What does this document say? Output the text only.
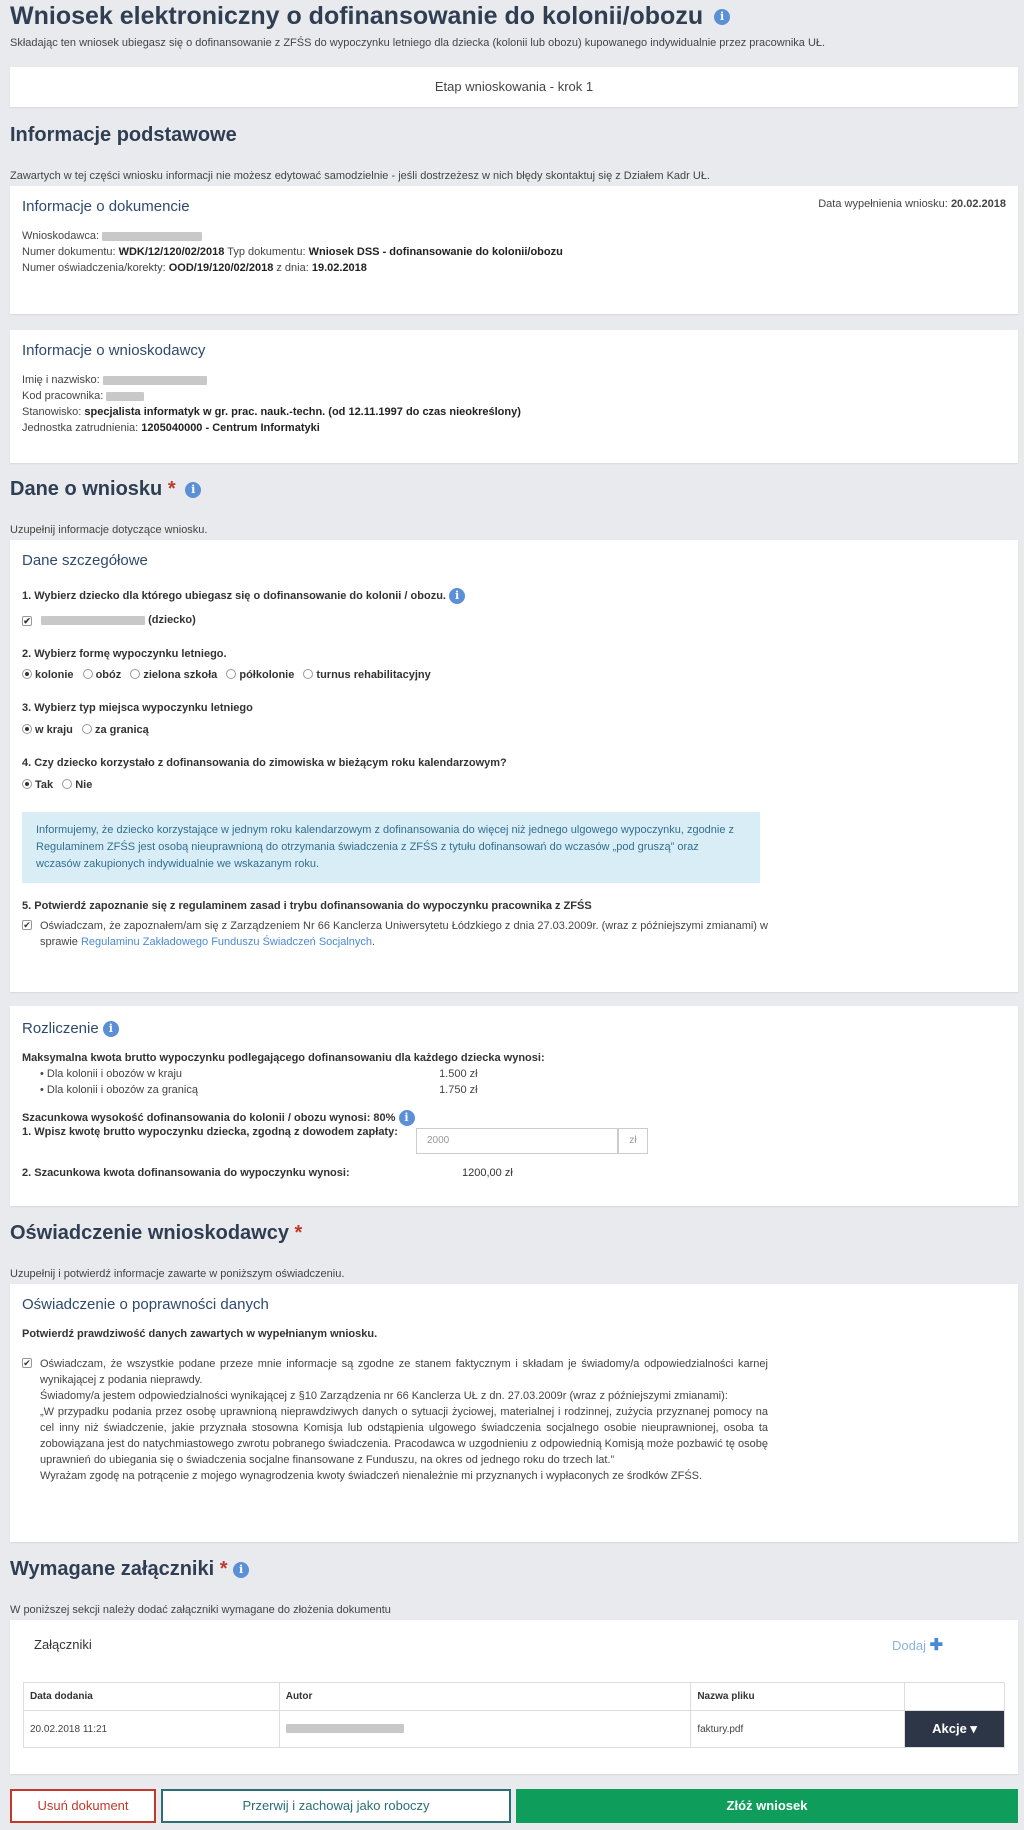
Wniosek elektroniczny o dofinansowanie do kolonii/obozu i
Składając ten wniosek ubiegasz się o dofinansowanie z ZFŚS do wypoczynku letniego dla dziecka (kolonii lub obozu) kupowanego indywidualnie przez pracownika UŁ.
Etap wnioskowania - krok 1
Informacje podstawowe
Zawartych w tej części wniosku informacji nie możesz edytować samodzielnie - jeśli dostrzeżesz w nich błędy skontaktuj się z Działem Kadr UŁ.
Informacje o dokumencie	Data wypełnienia wniosku: 20.02.2018
Wnioskodawca:
Numer dokumentu: WDK/12/120/02/2018 Typ dokumentu: Wniosek DSS - dofinansowanie do kolonii/obozu
Numer oświadczenia/korekty: OOD/19/120/02/2018 z dnia: 19.02.2018
Informacje o wnioskodawcy
Imię i nazwisko:
Kod pracownika:
Stanowisko: specjalista informatyk w gr. prac. nauk.-techn. (od 12.11.1997 do czas nieokreślony)
Jednostka zatrudnienia: 1205040000 - Centrum Informatyki
Dane o wniosku * i
Uzupełnij informacje dotyczące wniosku.
Dane szczegółowe
1. Wybierz dziecko dla którego ubiegasz się o dofinansowanie do kolonii / obozu. i
✔	(dziecko)
2. Wybierz formę wypoczynku letniego.
kolonie obóz zielona szkoła półkolonie turnus rehabilitacyjny
3. Wybierz typ miejsca wypoczynku letniego
w kraju za granicą
4. Czy dziecko korzystało z dofinansowania do zimowiska w bieżącym roku kalendarzowym?
Tak Nie
Informujemy, że dziecko korzystające w jednym roku kalendarzowym z dofinansowania do więcej niż jednego ulgowego wypoczynku, zgodnie z Regulaminem ZFŚS jest osobą nieuprawnioną do otrzymania świadczenia z ZFŚS z tytułu dofinansowań do wczasów „pod gruszą” oraz wczasów zakupionych indywidualnie we wskazanym roku.
5. Potwierdź zapoznanie się z regulaminem zasad i trybu dofinansowania do wypoczynku pracownika z ZFŚS
✔ Oświadczam, że zapoznałem/am się z Zarządzeniem Nr 66 Kanclerza Uniwersytetu Łódzkiego z dnia 27.03.2009r. (wraz z późniejszymi zmianami) w sprawie Regulaminu Zakładowego Funduszu Świadczeń Socjalnych.
Rozliczenie i
Maksymalna kwota brutto wypoczynku podlegającego dofinansowaniu dla każdego dziecka wynosi:
• Dla kolonii i obozów w kraju	1.500 zł
• Dla kolonii i obozów za granicą	1.750 zł
Szacunkowa wysokość dofinansowania do kolonii / obozu wynosi: 80% i
1. Wpisz kwotę brutto wypoczynku dziecka, zgodną z dowodem zapłaty:
2000	zł
2. Szacunkowa kwota dofinansowania do wypoczynku wynosi:	1200,00 zł
Oświadczenie wnioskodawcy *
Uzupełnij i potwierdź informacje zawarte w poniższym oświadczeniu.
Oświadczenie o poprawności danych
Potwierdź prawdziwość danych zawartych w wypełnianym wniosku.
✔ Oświadczam, że wszystkie podane przeze mnie informacje są zgodne ze stanem faktycznym i składam je świadomy/a odpowiedzialności karnej wynikającej z podania nieprawdy.
Świadomy/a jestem odpowiedzialności wynikającej z §10 Zarządzenia nr 66 Kanclerza UŁ z dn. 27.03.2009r (wraz z późniejszymi zmianami):
„W przypadku podania przez osobę uprawnioną nieprawdziwych danych o sytuacji życiowej, materialnej i rodzinnej, zużycia przyznanej pomocy na cel inny niż świadczenie, jakie przyznała stosowna Komisja lub odstąpienia ulgowego świadczenia socjalnego osobie nieuprawnionej, osoba ta zobowiązana jest do natychmiastowego zwrotu pobranego świadczenia. Pracodawca w uzgodnieniu z odpowiednią Komisją może pozbawić tę osobę uprawnień do ubiegania się o świadczenia socjalne finansowane z Funduszu, na okres od jednego roku do trzech lat.”
Wyrażam zgodę na potrącenie z mojego wynagrodzenia kwoty świadczeń nienależnie mi przyznanych i wypłaconych ze środków ZFŚS.
Wymagane załączniki * i
W poniższej sekcji należy dodać załączniki wymagane do złożenia dokumentu
Załączniki	Dodaj ✚
Data dodania	Autor	Nazwa pliku	
20.02.2018 11:21		faktury.pdf	Akcje ▾
Usuń dokument	Przerwij i zachowaj jako roboczy	Złóż wniosek
